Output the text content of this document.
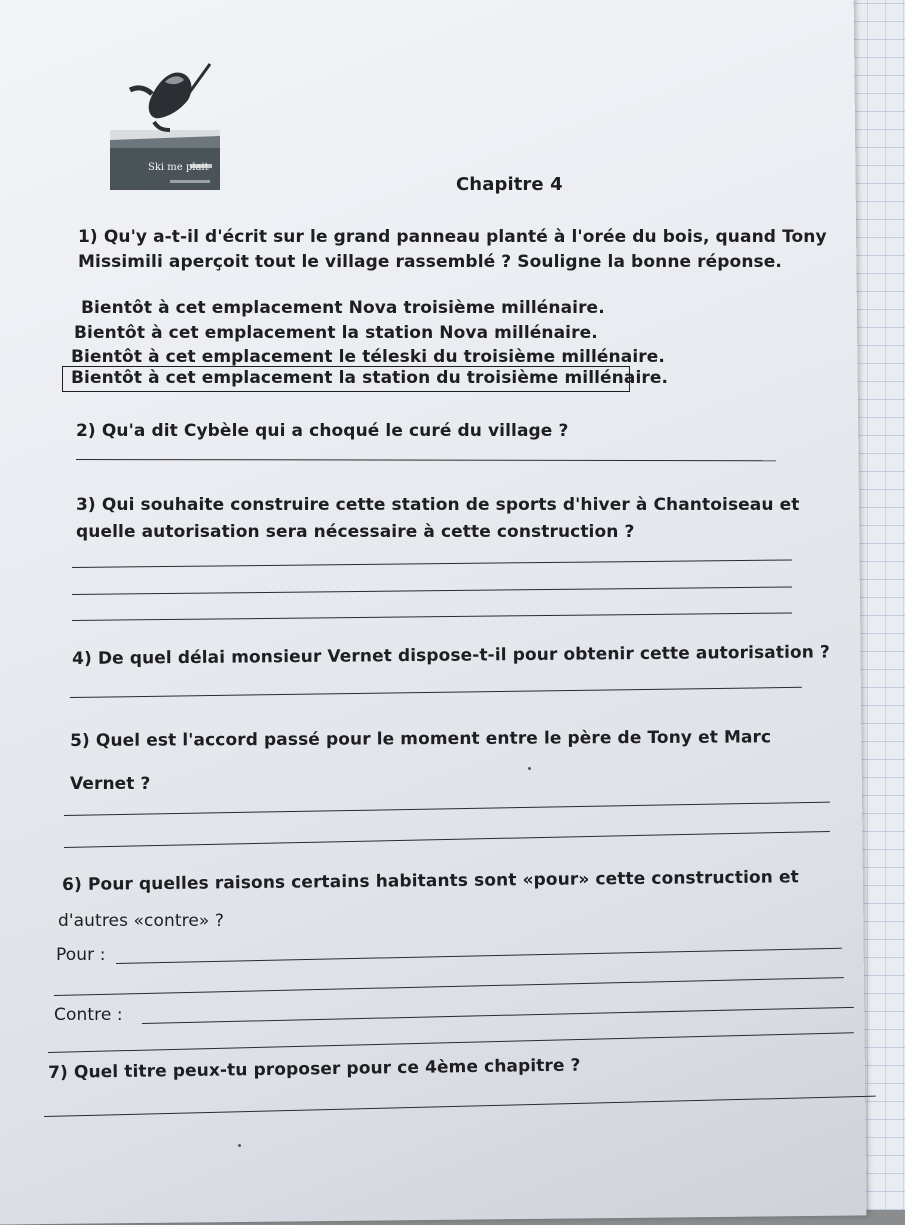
Ski me plait
Chapitre 4
1) Qu'y a-t-il d'écrit sur le grand panneau planté à l'orée du bois, quand Tony
Missimili aperçoit tout le village rassemblé ? Souligne la bonne réponse.
Bientôt à cet emplacement Nova troisième millénaire.
Bientôt à cet emplacement la station Nova millénaire.
Bientôt à cet emplacement le téleski du troisième millénaire.
Bientôt à cet emplacement la station du troisième millénaire.
2) Qu'a dit Cybèle qui a choqué le curé du village ?
3) Qui souhaite construire cette station de sports d'hiver à Chantoiseau et
quelle autorisation sera nécessaire à cette construction ?
4) De quel délai monsieur Vernet dispose-t-il pour obtenir cette autorisation ?
5) Quel est l'accord passé pour le moment entre le père de Tony et Marc
Vernet ?
6) Pour quelles raisons certains habitants sont «pour» cette construction et
d'autres «contre» ?
Pour :
Contre :
7) Quel titre peux-tu proposer pour ce 4ème chapitre ?
